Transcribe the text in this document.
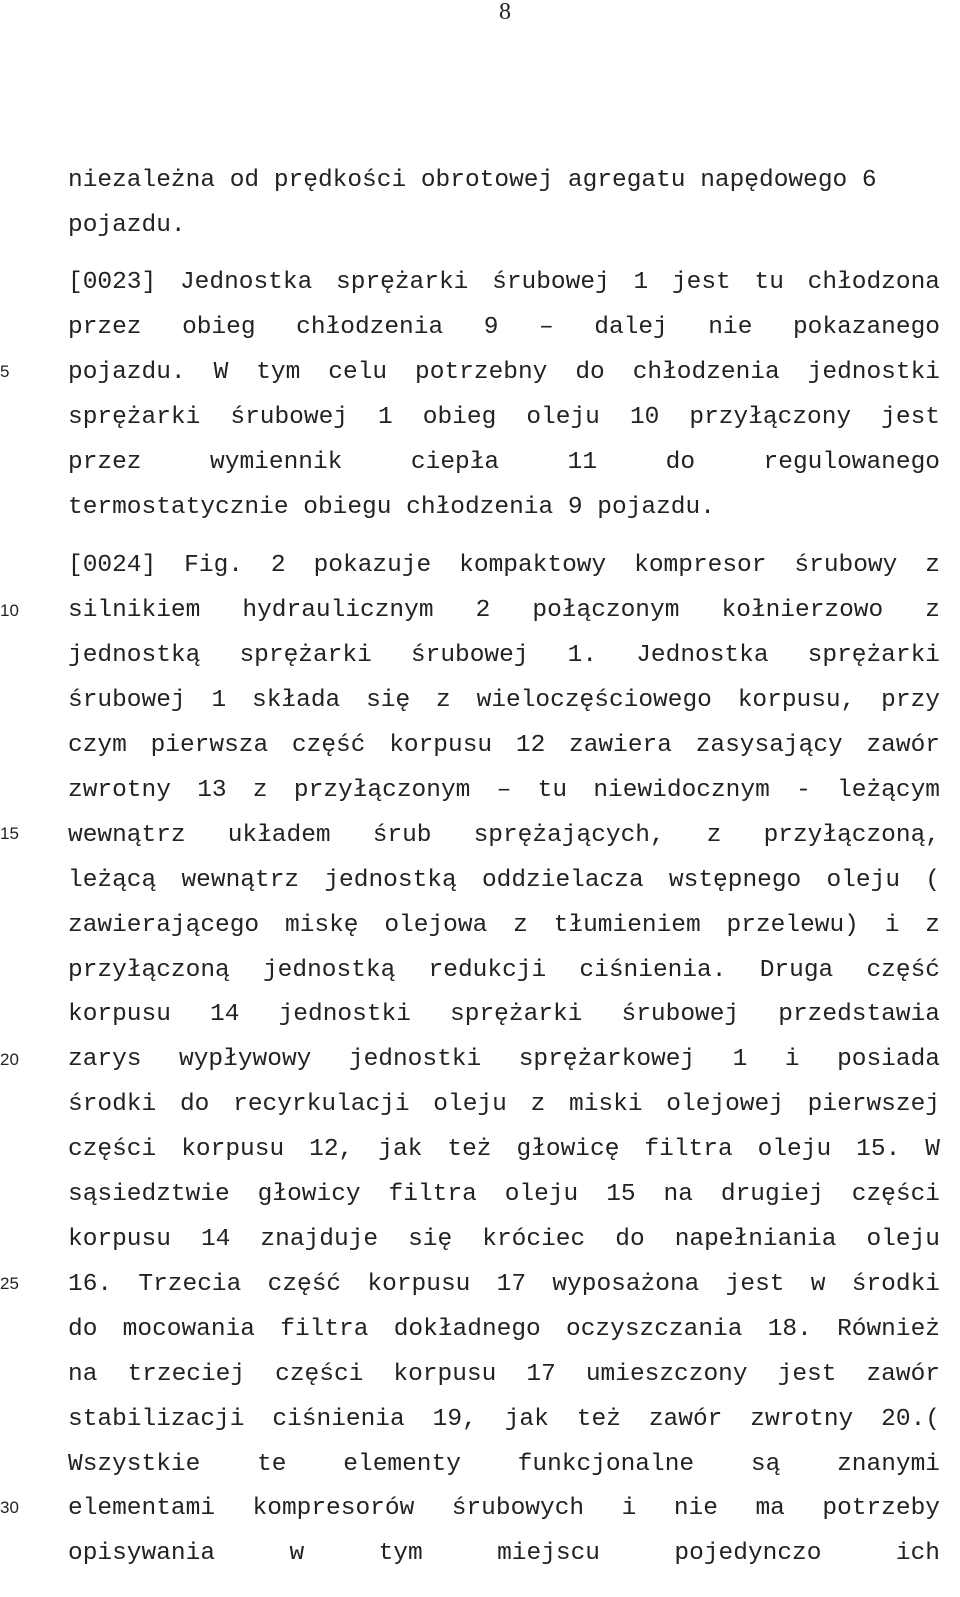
8
5
10
15
20
25
30
niezależna od prędkości obrotowej agregatu napędowego 6
pojazdu.
[0023] Jednostka sprężarki śrubowej 1 jest tu chłodzona
przez obieg chłodzenia 9 – dalej nie pokazanego
pojazdu. W tym celu potrzebny do chłodzenia jednostki
sprężarki śrubowej 1 obieg oleju 10 przyłączony jest
przez wymiennik ciepła 11 do regulowanego
termostatycznie obiegu chłodzenia 9 pojazdu.
[0024] Fig. 2 pokazuje kompaktowy kompresor śrubowy z
silnikiem hydraulicznym 2 połączonym kołnierzowo z
jednostką sprężarki śrubowej 1. Jednostka sprężarki
śrubowej 1 składa się z wieloczęściowego korpusu, przy
czym pierwsza część korpusu 12 zawiera zasysający zawór
zwrotny 13 z przyłączonym – tu niewidocznym - leżącym
wewnątrz układem śrub sprężających, z przyłączoną,
leżącą wewnątrz jednostką oddzielacza wstępnego oleju (
zawierającego miskę olejowa z tłumieniem przelewu) i z
przyłączoną jednostką redukcji ciśnienia. Druga część
korpusu 14 jednostki sprężarki śrubowej przedstawia
zarys wypływowy jednostki sprężarkowej 1 i posiada
środki do recyrkulacji oleju z miski olejowej pierwszej
części korpusu 12, jak też głowicę filtra oleju 15. W
sąsiedztwie głowicy filtra oleju 15 na drugiej części
korpusu 14 znajduje się króciec do napełniania oleju
16. Trzecia część korpusu 17 wyposażona jest w środki
do mocowania filtra dokładnego oczyszczania 18. Również
na trzeciej części korpusu 17 umieszczony jest zawór
stabilizacji ciśnienia 19, jak też zawór zwrotny 20.(
Wszystkie te elementy funkcjonalne są znanymi
elementami kompresorów śrubowych i nie ma potrzeby
opisywania w tym miejscu pojedynczo ich
